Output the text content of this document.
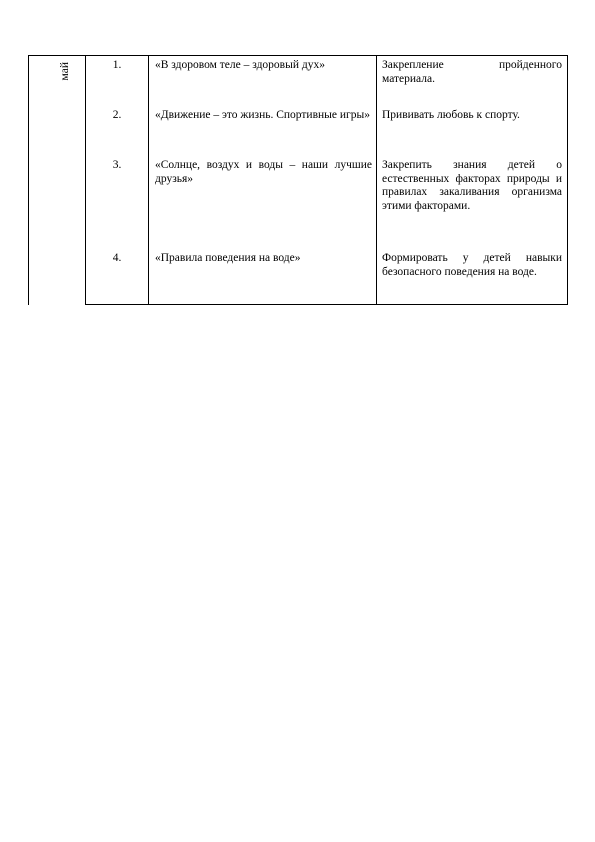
май	1.	«В здоровом теле – здоровый дух»	Закрепление пройденного материала.

	2.	«Движение – это жизнь. Спортивные игры»	Прививать любовь к спорту.

	3.	«Солнце, воздух и воды – наши лучшие друзья»	Закрепить знания детей о естественных факторах природы и правилах закаливания организма этими факторами.

	4.	«Правила поведения на воде»	Формировать у детей навыки безопасного поведения на воде.
